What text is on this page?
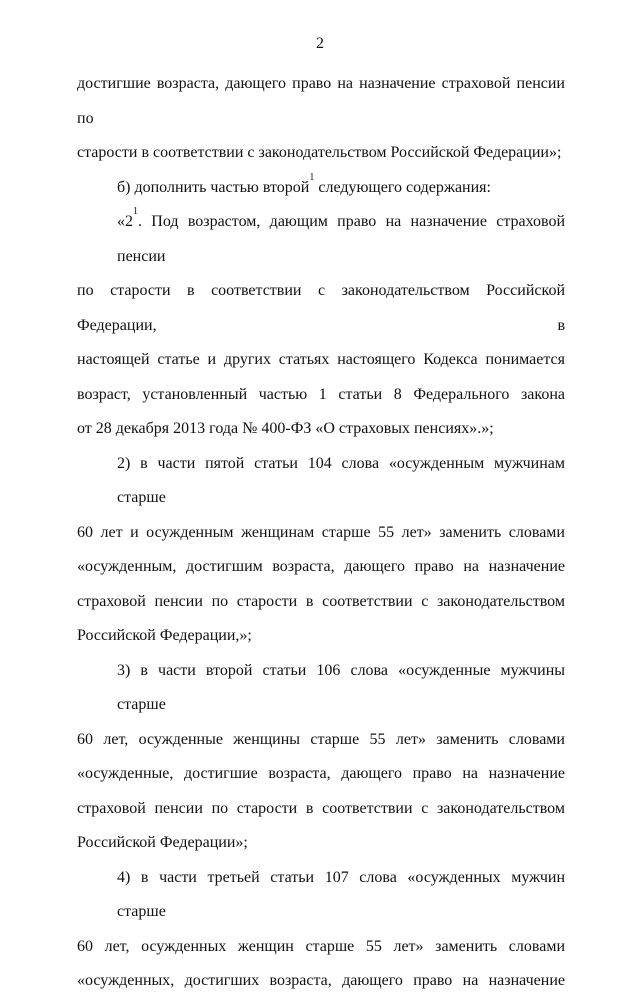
2
достигшие возраста, дающего право на назначение страховой пенсии по
старости в соответствии с законодательством Российской Федерации»;
б) дополнить частью второй$^1$ следующего содержания:
«$2^1$. Под возрастом, дающим право на назначение страховой пенсии
по старости в соответствии с законодательством Российской Федерации, в
настоящей статье и других статьях настоящего Кодекса понимается
возраст, установленный частью 1 статьи 8 Федерального закона
от 28 декабря 2013 года № 400-ФЗ «О страховых пенсиях».»;
2) в части пятой статьи 104 слова «осужденным мужчинам старше
60 лет и осужденным женщинам старше 55 лет» заменить словами
«осужденным, достигшим возраста, дающего право на назначение
страховой пенсии по старости в соответствии с законодательством
Российской Федерации,»;
3) в части второй статьи 106 слова «осужденные мужчины старше
60 лет, осужденные женщины старше 55 лет» заменить словами
«осужденные, достигшие возраста, дающего право на назначение
страховой пенсии по старости в соответствии с законодательством
Российской Федерации»;
4) в части третьей статьи 107 слова «осужденных мужчин старше
60 лет, осужденных женщин старше 55 лет» заменить словами
«осужденных, достигших возраста, дающего право на назначение
